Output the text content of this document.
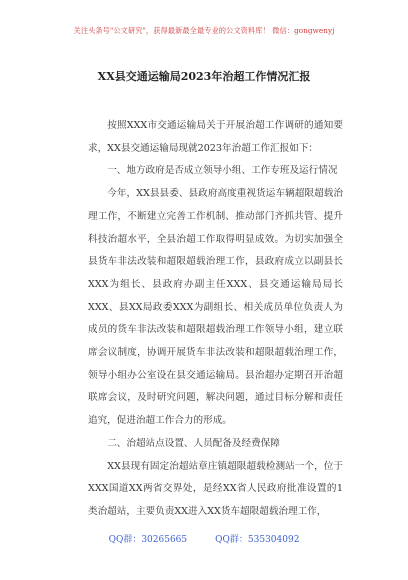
关注头条号"公文研究"，获得最新最全最专业的公文资料库！ 微信：gongwenyj
XX县交通运输局2023年治超工作情况汇报

按照XXX市交通运输局关于开展治超工作调研的通知要求，XX县交通运输局现就2023年治超工作汇报如下：

一、地方政府是否成立领导小组、工作专班及运行情况

今年，XX县县委、县政府高度重视货运车辆超限超载治理工作，不断建立完善工作机制、推动部门齐抓共管、提升科技治超水平，全县治超工作取得明显成效。为切实加强全县货车非法改装和超限超载治理工作，县政府成立以副县长XXX为组长、县政府办副主任XXX、县交通运输局局长XXX、县XX局政委XXX为副组长、相关成员单位负责人为成员的货车非法改装和超限超载治理工作领导小组，建立联席会议制度，协调开展货车非法改装和超限超载治理工作，领导小组办公室设在县交通运输局。县治超办定期召开治超联席会议，及时研究问题，解决问题，通过目标分解和责任追究，促进治超工作合力的形成。

二、治超站点设置、人员配备及经费保障

XX县现有固定治超站章庄镇超限超载检测站一个，位于XXX国道XX两省交界处，是经XX省人民政府批准设置的1类治超站，主要负责XX进入XX货车超限超载治理工作，

QQ群：30265665	QQ群：535304092
